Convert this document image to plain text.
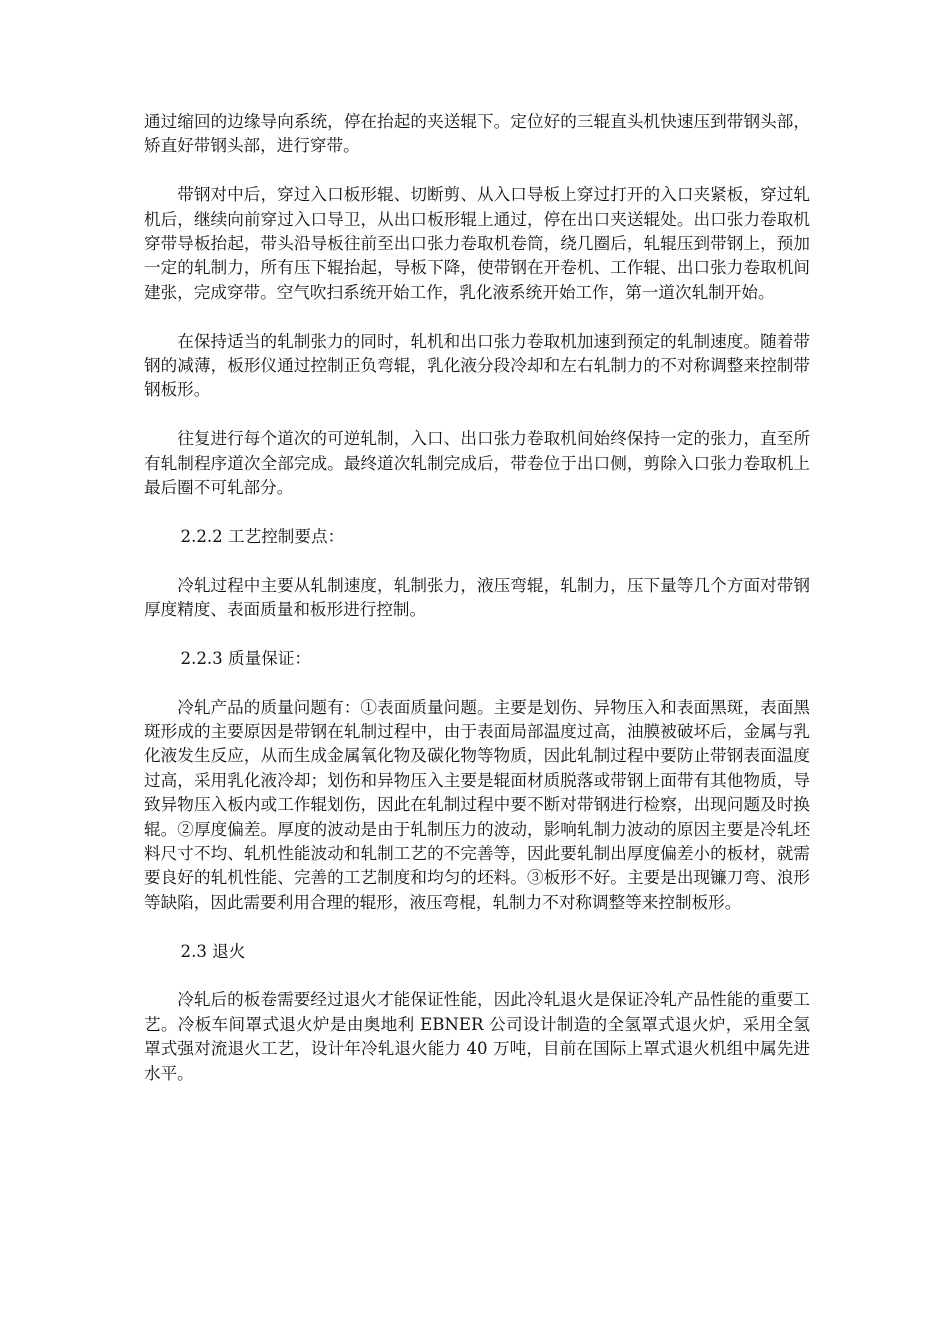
通过缩回的边缘导向系统，停在抬起的夹送辊下。定位好的三辊直头机快速压到带钢头部，矫直好带钢头部，进行穿带。

带钢对中后，穿过入口板形辊、切断剪、从入口导板上穿过打开的入口夹紧板，穿过轧机后，继续向前穿过入口导卫，从出口板形辊上通过，停在出口夹送辊处。出口张力卷取机穿带导板抬起，带头沿导板往前至出口张力卷取机卷筒，绕几圈后，轧辊压到带钢上，预加一定的轧制力，所有压下辊抬起，导板下降，使带钢在开卷机、工作辊、出口张力卷取机间建张，完成穿带。空气吹扫系统开始工作，乳化液系统开始工作，第一道次轧制开始。

在保持适当的轧制张力的同时，轧机和出口张力卷取机加速到预定的轧制速度。随着带钢的减薄，板形仪通过控制正负弯辊，乳化液分段冷却和左右轧制力的不对称调整来控制带钢板形。

往复进行每个道次的可逆轧制，入口、出口张力卷取机间始终保持一定的张力，直至所有轧制程序道次全部完成。最终道次轧制完成后，带卷位于出口侧，剪除入口张力卷取机上最后圈不可轧部分。

2.2.2 工艺控制要点：

冷轧过程中主要从轧制速度，轧制张力，液压弯辊，轧制力，压下量等几个方面对带钢厚度精度、表面质量和板形进行控制。

2.2.3 质量保证：

冷轧产品的质量问题有：①表面质量问题。主要是划伤、异物压入和表面黑斑，表面黑斑形成的主要原因是带钢在轧制过程中，由于表面局部温度过高，油膜被破坏后，金属与乳化液发生反应，从而生成金属氧化物及碳化物等物质，因此轧制过程中要防止带钢表面温度过高，采用乳化液冷却；划伤和异物压入主要是辊面材质脱落或带钢上面带有其他物质，导致异物压入板内或工作辊划伤，因此在轧制过程中要不断对带钢进行检察，出现问题及时换辊。②厚度偏差。厚度的波动是由于轧制压力的波动，影响轧制力波动的原因主要是冷轧坯料尺寸不均、轧机性能波动和轧制工艺的不完善等，因此要轧制出厚度偏差小的板材，就需要良好的轧机性能、完善的工艺制度和均匀的坯料。③板形不好。主要是出现镰刀弯、浪形等缺陷，因此需要利用合理的辊形，液压弯棍，轧制力不对称调整等来控制板形。

2.3 退火

冷轧后的板卷需要经过退火才能保证性能，因此冷轧退火是保证冷轧产品性能的重要工艺。冷板车间罩式退火炉是由奥地利 EBNER 公司设计制造的全氢罩式退火炉，采用全氢罩式强对流退火工艺，设计年冷轧退火能力 40 万吨，目前在国际上罩式退火机组中属先进水平。
